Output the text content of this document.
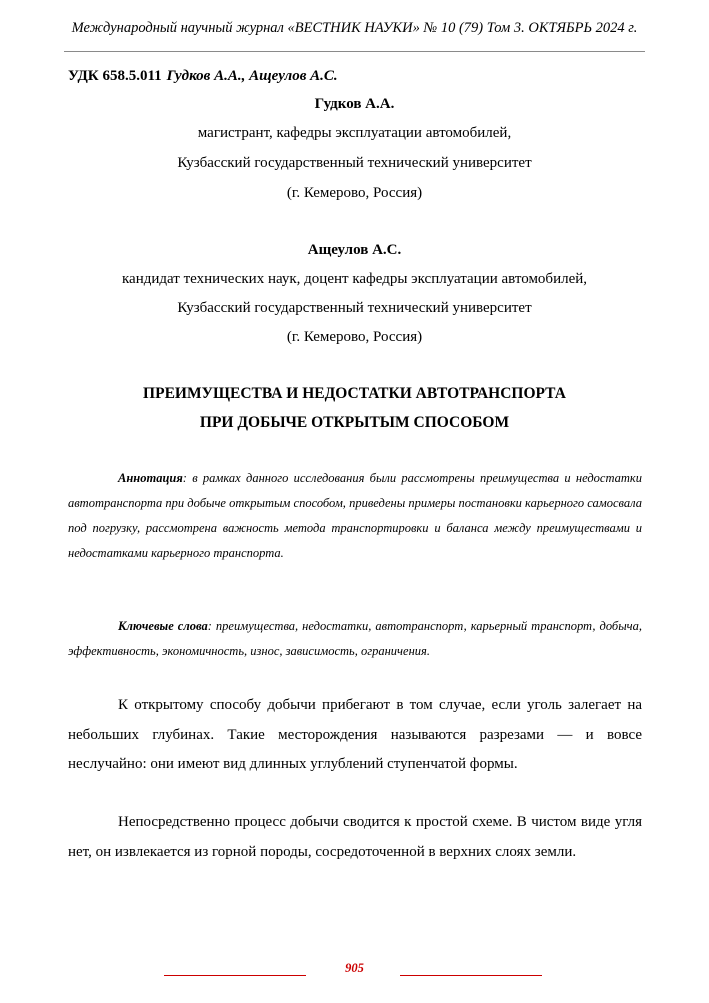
Международный научный журнал «ВЕСТНИК НАУКИ» № 10 (79) Том 3. ОКТЯБРЬ 2024 г.
УДК 658.5.011 Гудков А.А., Ащеулов А.С.
Гудков А.А.
магистрант, кафедры эксплуатации автомобилей,
Кузбасский государственный технический университет
(г. Кемерово, Россия)
Ащеулов А.С.
кандидат технических наук, доцент кафедры эксплуатации автомобилей,
Кузбасский государственный технический университет
(г. Кемерово, Россия)
ПРЕИМУЩЕСТВА И НЕДОСТАТКИ АВТОТРАНСПОРТА
ПРИ ДОБЫЧЕ ОТКРЫТЫМ СПОСОБОМ

Аннотация: в рамках данного исследования были рассмотрены преимущества и недостатки автотранспорта при добыче открытым способом, приведены примеры постановки карьерного самосвала под погрузку, рассмотрена важность метода транспортировки и баланса между преимуществами и недостатками карьерного транспорта.

Ключевые слова: преимущества, недостатки, автотранспорт, карьерный транспорт, добыча, эффективность, экономичность, износ, зависимость, ограничения.

К открытому способу добычи прибегают в том случае, если уголь залегает на небольших глубинах. Такие месторождения называются разрезами — и вовсе неслучайно: они имеют вид длинных углублений ступенчатой формы.

Непосредственно процесс добычи сводится к простой схеме. В чистом виде угля нет, он извлекается из горной породы, сосредоточенной в верхних слоях земли.

905
